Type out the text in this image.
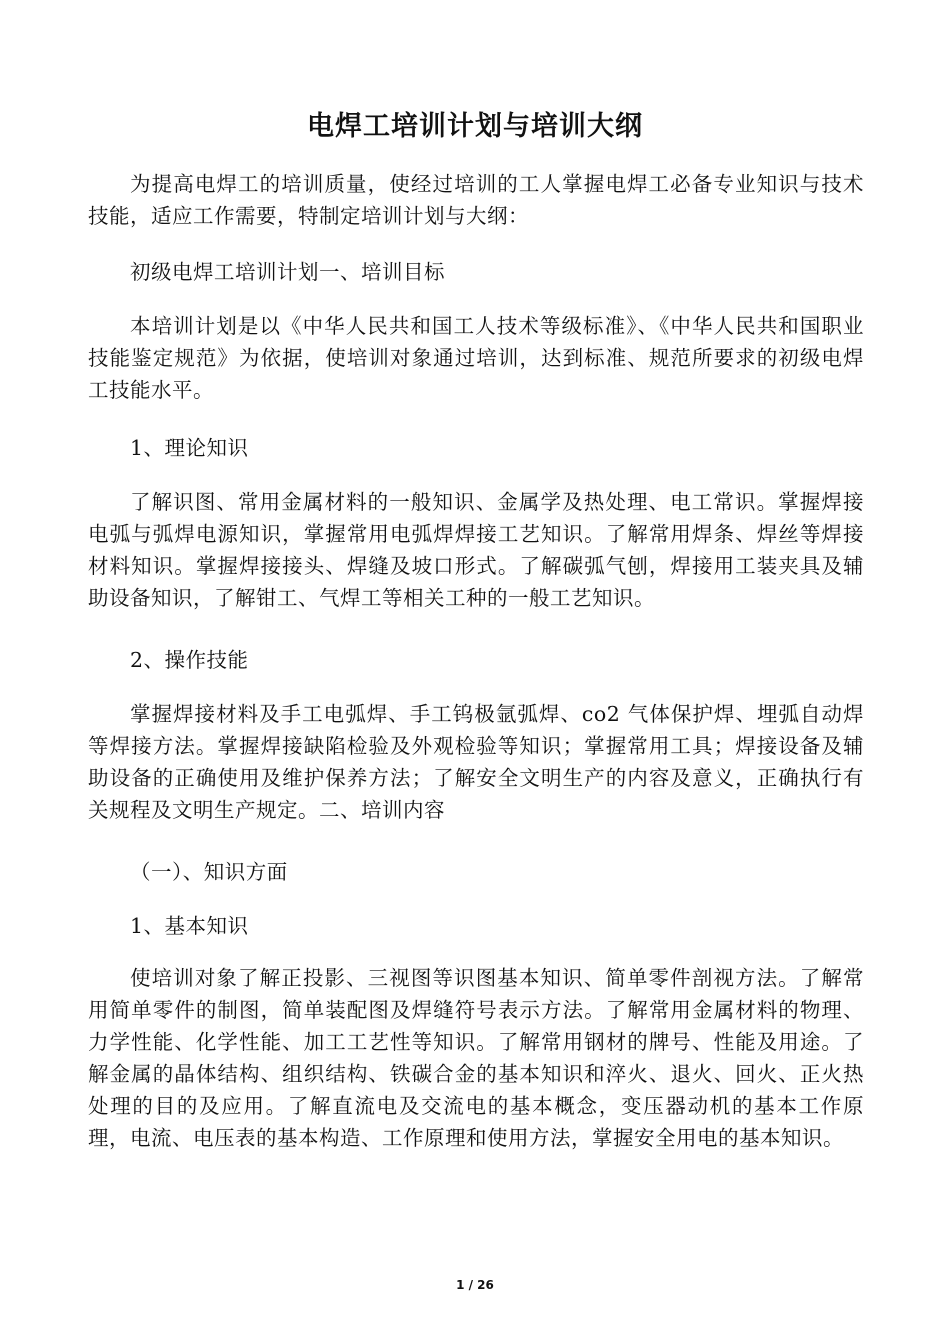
电焊工培训计划与培训大纲

为提高电焊工的培训质量，使经过培训的工人掌握电焊工必备专业知识与技术技能，适应工作需要，特制定培训计划与大纲：

初级电焊工培训计划一、培训目标

本培训计划是以《中华人民共和国工人技术等级标准》、《中华人民共和国职业技能鉴定规范》为依据，使培训对象通过培训，达到标准、规范所要求的初级电焊工技能水平。

1、理论知识

了解识图、常用金属材料的一般知识、金属学及热处理、电工常识。掌握焊接电弧与弧焊电源知识，掌握常用电弧焊焊接工艺知识。了解常用焊条、焊丝等焊接材料知识。掌握焊接接头、焊缝及坡口形式。了解碳弧气刨，焊接用工装夹具及辅助设备知识，了解钳工、气焊工等相关工种的一般工艺知识。

2、操作技能

掌握焊接材料及手工电弧焊、手工钨极氩弧焊、co2 气体保护焊、埋弧自动焊等焊接方法。掌握焊接缺陷检验及外观检验等知识；掌握常用工具；焊接设备及辅助设备的正确使用及维护保养方法；了解安全文明生产的内容及意义，正确执行有关规程及文明生产规定。二、培训内容

（一）、知识方面

1、基本知识

使培训对象了解正投影、三视图等识图基本知识、简单零件剖视方法。了解常用简单零件的制图，简单装配图及焊缝符号表示方法。了解常用金属材料的物理、力学性能、化学性能、加工工艺性等知识。了解常用钢材的牌号、性能及用途。了解金属的晶体结构、组织结构、铁碳合金的基本知识和淬火、退火、回火、正火热处理的目的及应用。了解直流电及交流电的基本概念，变压器动机的基本工作原理，电流、电压表的基本构造、工作原理和使用方法，掌握安全用电的基本知识。

1 / 26
